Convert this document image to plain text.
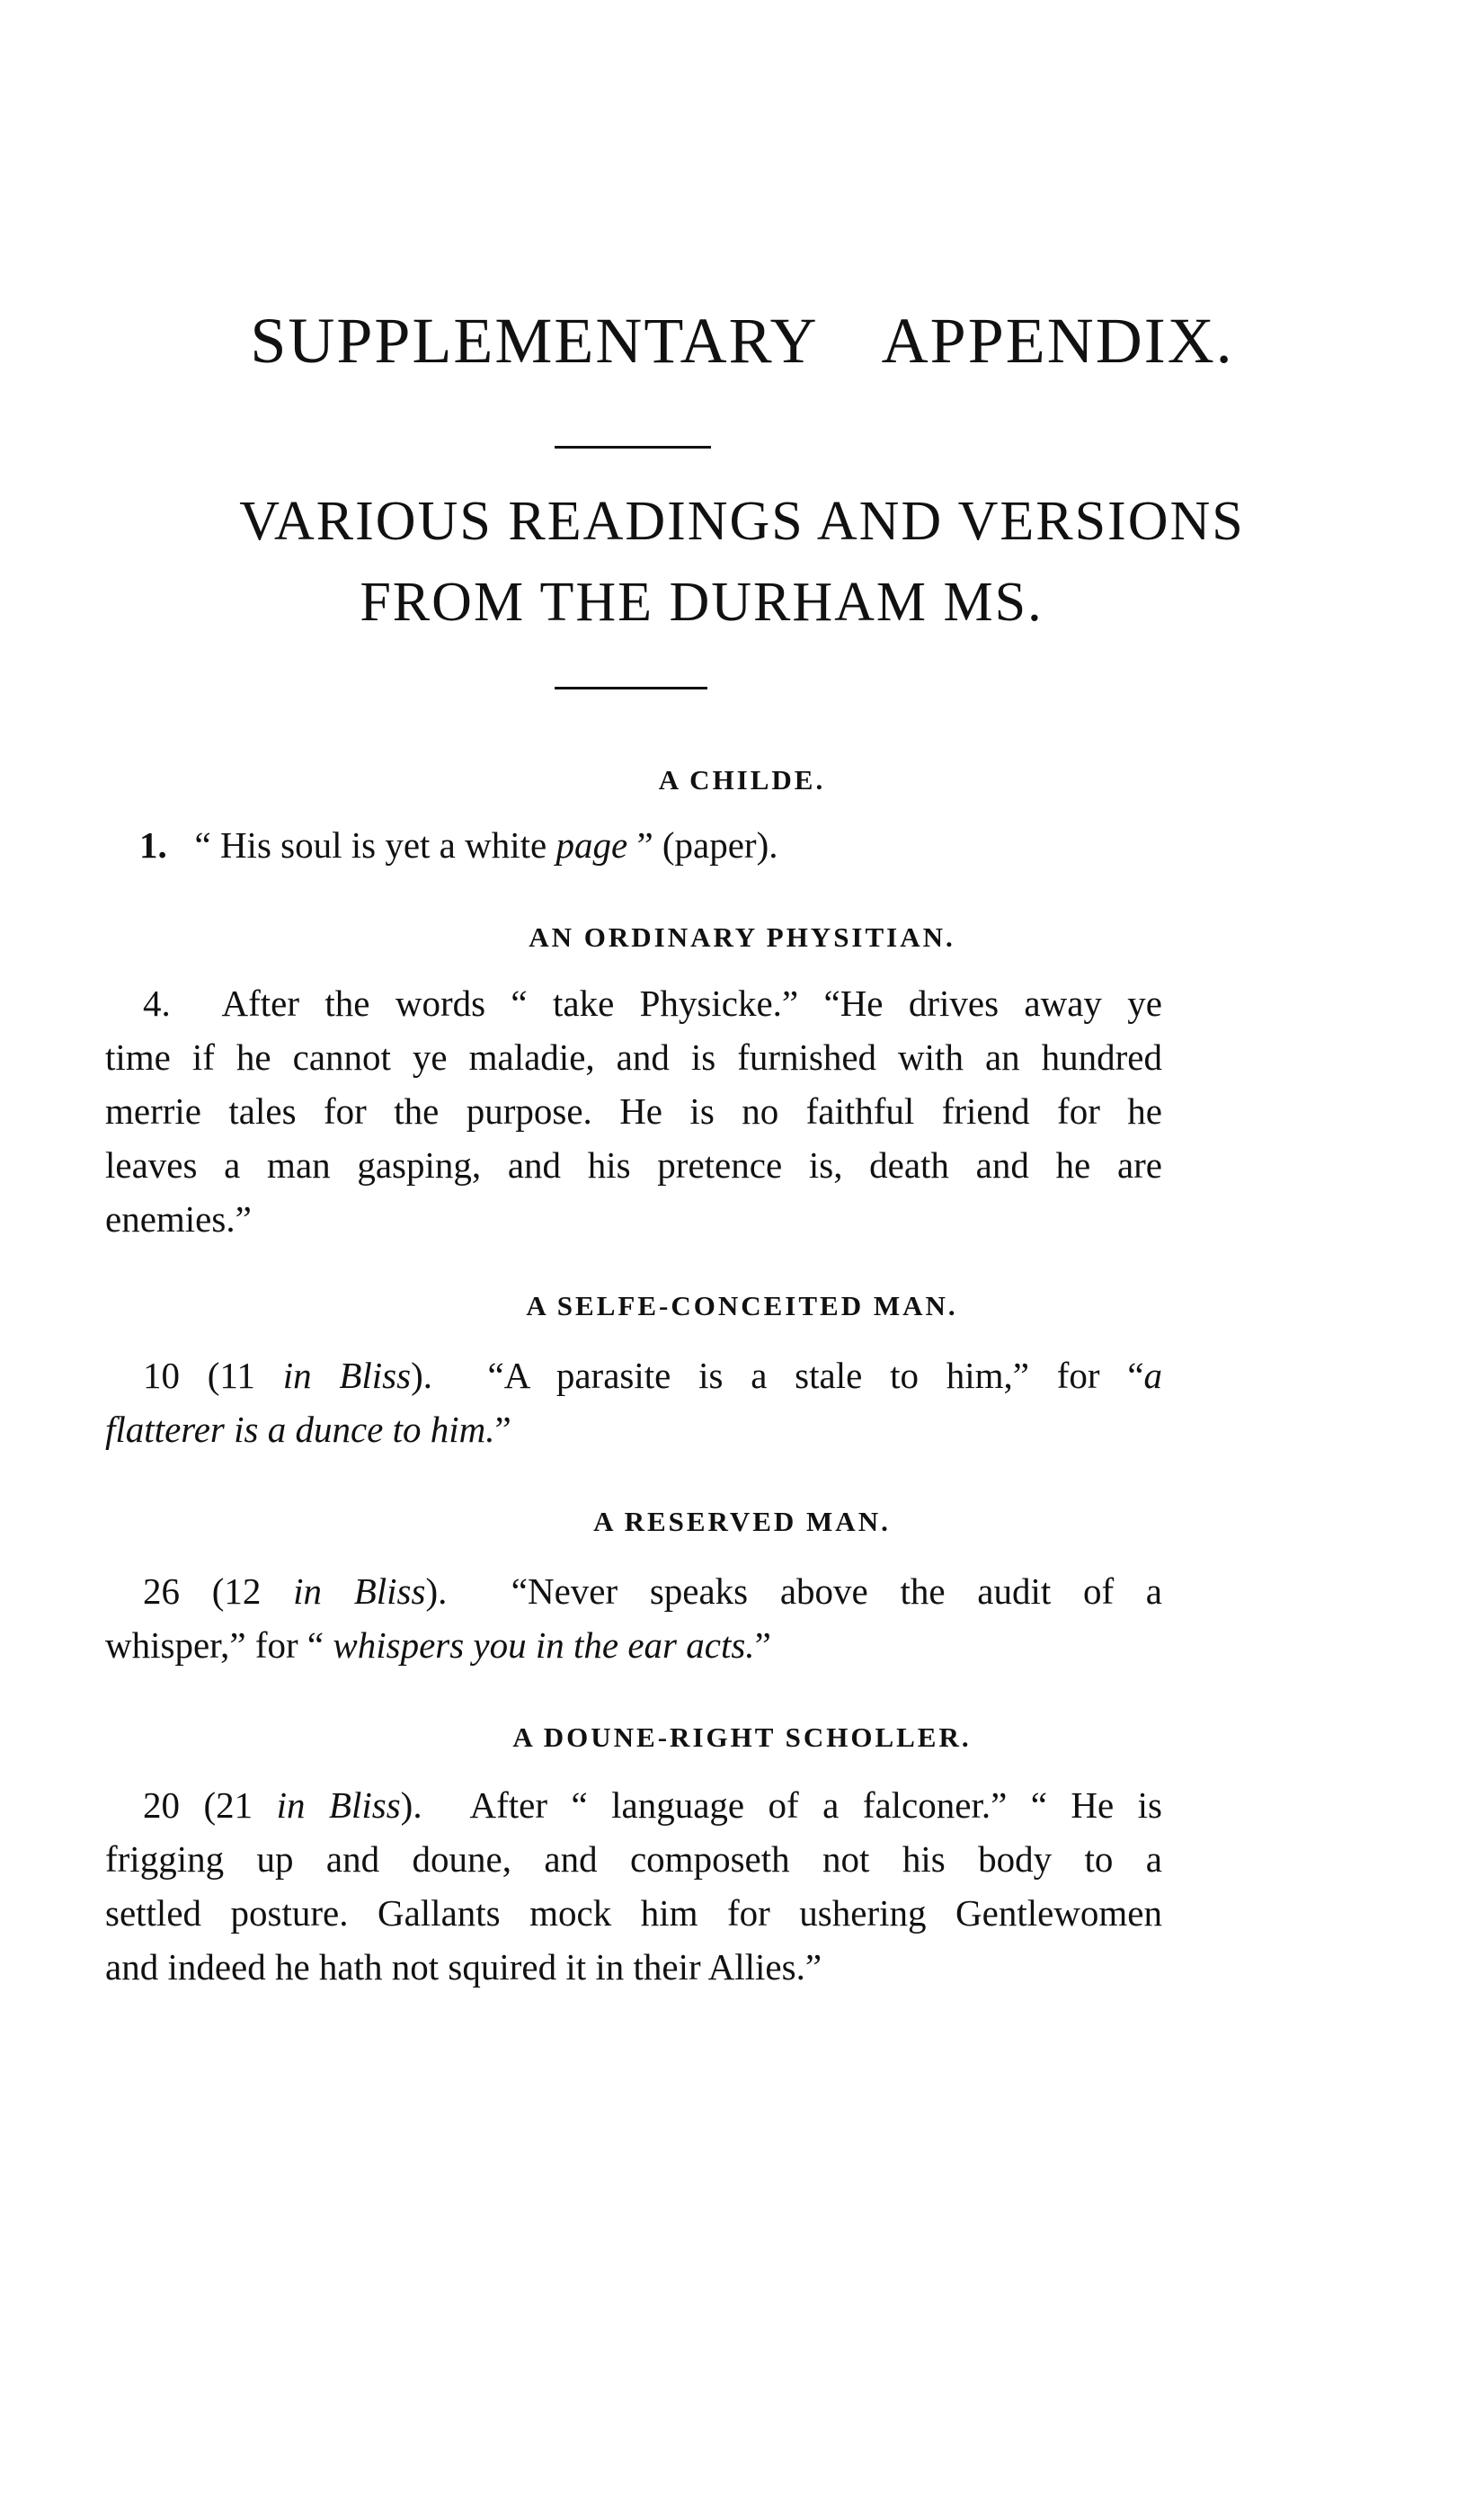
SUPPLEMENTARY APPENDIX.
VARIOUS READINGS AND VERSIONS
FROM THE DURHAM MS.
A CHILDE.
1. “ His soul is yet a white page ” (paper).
AN ORDINARY PHYSITIAN.
4. After the words “ take Physicke.” “He drives away ye
time if he cannot ye maladie, and is furnished with an hundred
merrie tales for the purpose. He is no faithful friend for he
leaves a man gasping, and his pretence is, death and he are
enemies.”
A SELFE-CONCEITED MAN.
10 (11 in Bliss). “A parasite is a stale to him,” for “a
flatterer is a dunce to him.”
A RESERVED MAN.
26 (12 in Bliss). “Never speaks above the audit of a
whisper,” for “ whispers you in the ear acts.”
A DOUNE-RIGHT SCHOLLER.
20 (21 in Bliss). After “ language of a falconer.” “ He is
frigging up and doune, and composeth not his body to a
settled posture. Gallants mock him for ushering Gentlewomen
and indeed he hath not squired it in their Allies.”
